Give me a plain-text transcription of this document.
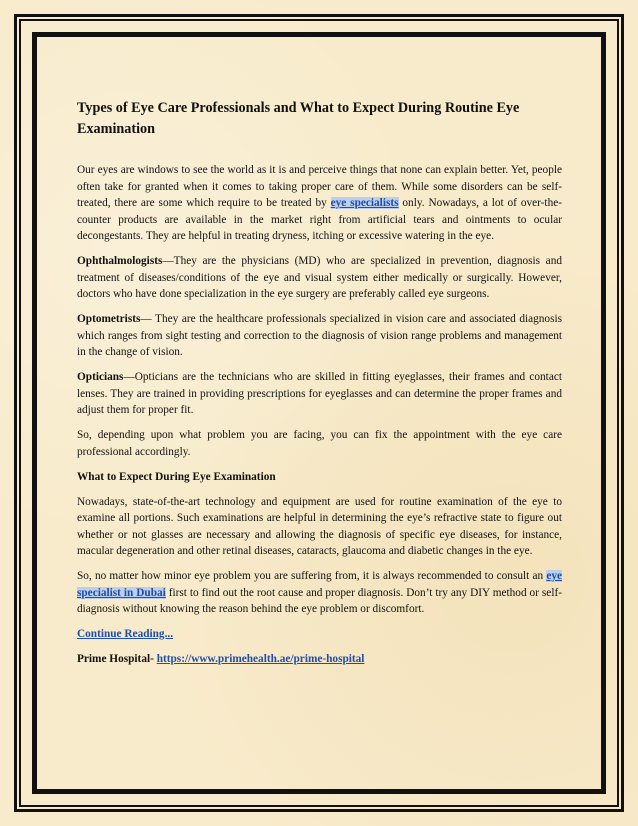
Types of Eye Care Professionals and What to Expect During Routine Eye Examination

Our eyes are windows to see the world as it is and perceive things that none can explain better. Yet, people often take for granted when it comes to taking proper care of them. While some disorders can be self-treated, there are some which require to be treated by eye specialists only. Nowadays, a lot of over-the-counter products are available in the market right from artificial tears and ointments to ocular decongestants. They are helpful in treating dryness, itching or excessive watering in the eye.

Ophthalmologists—They are the physicians (MD) who are specialized in prevention, diagnosis and treatment of diseases/conditions of the eye and visual system either medically or surgically. However, doctors who have done specialization in the eye surgery are preferably called eye surgeons.

Optometrists— They are the healthcare professionals specialized in vision care and associated diagnosis which ranges from sight testing and correction to the diagnosis of vision range problems and management in the change of vision.

Opticians—Opticians are the technicians who are skilled in fitting eyeglasses, their frames and contact lenses. They are trained in providing prescriptions for eyeglasses and can determine the proper frames and adjust them for proper fit.

So, depending upon what problem you are facing, you can fix the appointment with the eye care professional accordingly.

What to Expect During Eye Examination

Nowadays, state-of-the-art technology and equipment are used for routine examination of the eye to examine all portions. Such examinations are helpful in determining the eye’s refractive state to figure out whether or not glasses are necessary and allowing the diagnosis of specific eye diseases, for instance, macular degeneration and other retinal diseases, cataracts, glaucoma and diabetic changes in the eye.

So, no matter how minor eye problem you are suffering from, it is always recommended to consult an eye specialist in Dubai first to find out the root cause and proper diagnosis. Don’t try any DIY method or self-diagnosis without knowing the reason behind the eye problem or discomfort.

Continue Reading...

Prime Hospital- https://www.primehealth.ae/prime-hospital
